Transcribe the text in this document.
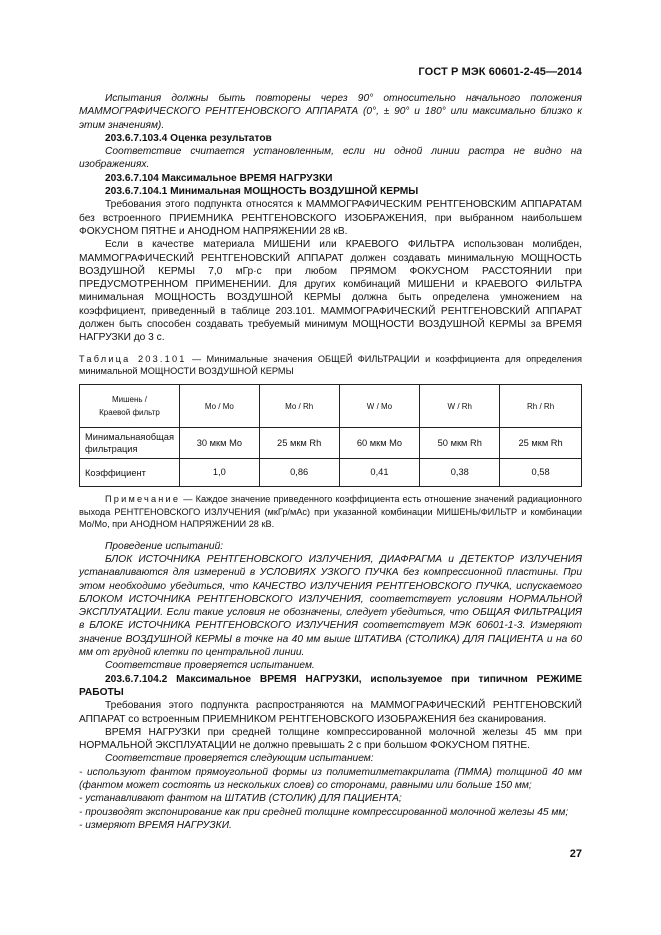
ГОСТ Р МЭК 60601-2-45—2014

Испытания должны быть повторены через 90° относительно начального положения МАММОГРАФИЧЕСКОГО РЕНТГЕНОВСКОГО АППАРАТА (0°, ± 90° и 180° или максимально близко к этим значениям).

203.6.7.103.4 Оценка результатов

Соответствие считается установленным, если ни одной линии растра не видно на изображениях.

203.6.7.104 Максимальное ВРЕМЯ НАГРУЗКИ

203.6.7.104.1 Минимальная МОЩНОСТЬ ВОЗДУШНОЙ КЕРМЫ

Требования этого подпункта относятся к МАММОГРАФИЧЕСКИМ РЕНТГЕНОВСКИМ АППАРАТАМ без встроенного ПРИЕМНИКА РЕНТГЕНОВСКОГО ИЗОБРАЖЕНИЯ, при выбранном наибольшем ФОКУСНОМ ПЯТНЕ и АНОДНОМ НАПРЯЖЕНИИ 28 кВ.

Если в качестве материала МИШЕНИ или КРАЕВОГО ФИЛЬТРА использован молибден, МАММОГРАФИЧЕСКИЙ РЕНТГЕНОВСКИЙ АППАРАТ должен создавать минимальную МОЩНОСТЬ ВОЗДУШНОЙ КЕРМЫ 7,0 мГр·с при любом ПРЯМОМ ФОКУСНОМ РАССТОЯНИИ при ПРЕДУСМОТРЕННОМ ПРИМЕНЕНИИ. Для других комбинаций МИШЕНИ и КРАЕВОГО ФИЛЬТРА минимальная МОЩНОСТЬ ВОЗДУШНОЙ КЕРМЫ должна быть определена умножением на коэффициент, приведенный в таблице 203.101. МАММОГРАФИЧЕСКИЙ РЕНТГЕНОВСКИЙ АППАРАТ должен быть способен создавать требуемый минимум МОЩНОСТИ ВОЗДУШНОЙ КЕРМЫ за ВРЕМЯ НАГРУЗКИ до 3 с.

Таблица 203.101 — Минимальные значения ОБЩЕЙ ФИЛЬТРАЦИИ и коэффициента для определения минимальной МОЩНОСТИ ВОЗДУШНОЙ КЕРМЫ

Мишень /
Краевой фильтр	Mo / Mo	Mo / Rh	W / Mo	W / Rh	Rh / Rh

Минимальная общая
фильтрация	30 мкм Mo	25 мкм Rh	60 мкм Mo	50 мкм Rh	25 мкм Rh
Коэффициент	1,0	0,86	0,41	0,38	0,58

Примечание — Каждое значение приведенного коэффициента есть отношение значений радиационного выхода РЕНТГЕНОВСКОГО ИЗЛУЧЕНИЯ (мкГр/мАс) при указанной комбинации МИШЕНЬ/ФИЛЬТР и комбинации Mo/Mo, при АНОДНОМ НАПРЯЖЕНИИ 28 кВ.

Проведение испытаний:

БЛОК ИСТОЧНИКА РЕНТГЕНОВСКОГО ИЗЛУЧЕНИЯ, ДИАФРАГМА и ДЕТЕКТОР ИЗЛУЧЕНИЯ устанавливаются для измерений в УСЛОВИЯХ УЗКОГО ПУЧКА без компрессионной пластины. При этом необходимо убедиться, что КАЧЕСТВО ИЗЛУЧЕНИЯ РЕНТГЕНОВСКОГО ПУЧКА, испускаемого БЛОКОМ ИСТОЧНИКА РЕНТГЕНОВСКОГО ИЗЛУЧЕНИЯ, соответствует условиям НОРМАЛЬНОЙ ЭКСПЛУАТАЦИИ. Если такие условия не обозначены, следует убедиться, что ОБЩАЯ ФИЛЬТРАЦИЯ в БЛОКЕ ИСТОЧНИКА РЕНТГЕНОВСКОГО ИЗЛУЧЕНИЯ соответствует МЭК 60601-1-3. Измеряют значение ВОЗДУШНОЙ КЕРМЫ в точке на 40 мм выше ШТАТИВА (СТОЛИКА) ДЛЯ ПАЦИЕНТА и на 60 мм от грудной клетки по центральной линии.

Соответствие проверяется испытанием.

203.6.7.104.2 Максимальное ВРЕМЯ НАГРУЗКИ, используемое при типичном РЕЖИМЕ РАБОТЫ

Требования этого подпункта распространяются на МАММОГРАФИЧЕСКИЙ РЕНТГЕНОВСКИЙ АППАРАТ со встроенным ПРИЕМНИКОМ РЕНТГЕНОВСКОГО ИЗОБРАЖЕНИЯ без сканирования.

ВРЕМЯ НАГРУЗКИ при средней толщине компрессированной молочной железы 45 мм при НОРМАЛЬНОЙ ЭКСПЛУАТАЦИИ не должно превышать 2 с при большом ФОКУСНОМ ПЯТНЕ.

Соответствие проверяется следующим испытанием:

- используют фантом прямоугольной формы из полиметилметакрилата (ПММА) толщиной 40 мм (фантом может состоять из нескольких слоев) со сторонами, равными или больше 150 мм;

- устанавливают фантом на ШТАТИВ (СТОЛИК) ДЛЯ ПАЦИЕНТА;

- производят экспонирование как при средней толщине компрессированной молочной железы 45 мм;

- измеряют ВРЕМЯ НАГРУЗКИ.

27
